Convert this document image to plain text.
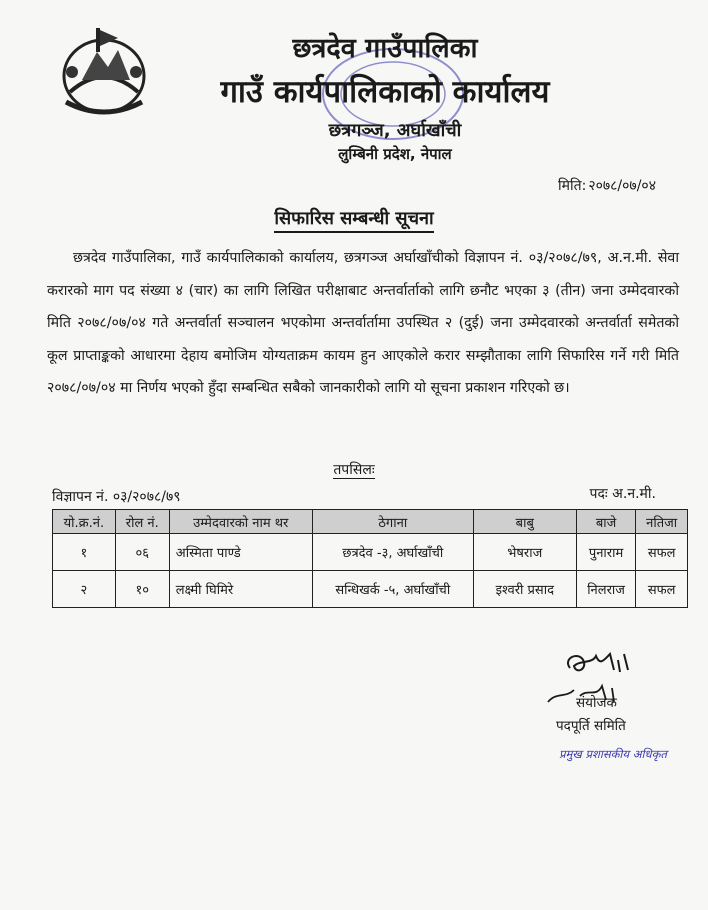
छत्रदेव गाउँपालिका
गाउँ कार्यपालिकाको कार्यालय
छत्रगञ्ज, अर्घाखाँची
लुम्बिनी प्रदेश, नेपाल
मिति: २०७८/०७/०४
सिफारिस सम्बन्धी सूचना
छत्रदेव गाउँपालिका, गाउँ कार्यपालिकाको कार्यालय, छत्रगञ्ज अर्घाखाँचीको विज्ञापन नं. ०३/२०७८/७९, अ.न.मी. सेवा करारको माग पद संख्या ४ (चार) का लागि लिखित परीक्षाबाट अन्तर्वार्ताको लागि छनौट भएका ३ (तीन) जना उम्मेदवारको मिति २०७८/०७/०४ गते अन्तर्वार्ता सञ्चालन भएकोमा अन्तर्वार्तामा उपस्थित २ (दुई) जना उम्मेदवारको अन्तर्वार्ता समेतको कूल प्राप्ताङ्कको आधारमा देहाय बमोजिम योग्यताक्रम कायम हुन आएकोले करार सम्झौताका लागि सिफारिस गर्ने गरी मिति २०७८/०७/०४ मा निर्णय भएको हुँदा सम्बन्धित सबैको जानकारीको लागि यो सूचना प्रकाशन गरिएको छ।
तपसिलः
विज्ञापन नं. ०३/२०७८/७९	पदः अ.न.मी.
यो.क्र.नं.	रोल नं.	उम्मेदवारको नाम थर	ठेगाना	बाबु	बाजे	नतिजा
१	०६	अस्मिता पाण्डे	छत्रदेव -३, अर्घाखाँची	भेषराज	पुनाराम	सफल
२	१०	लक्ष्मी घिमिरे	सन्धिखर्क -५, अर्घाखाँची	इश्वरी प्रसाद	निलराज	सफल
संयोजक
पदपूर्ति समिति
प्रमुख प्रशासकीय अधिकृत
